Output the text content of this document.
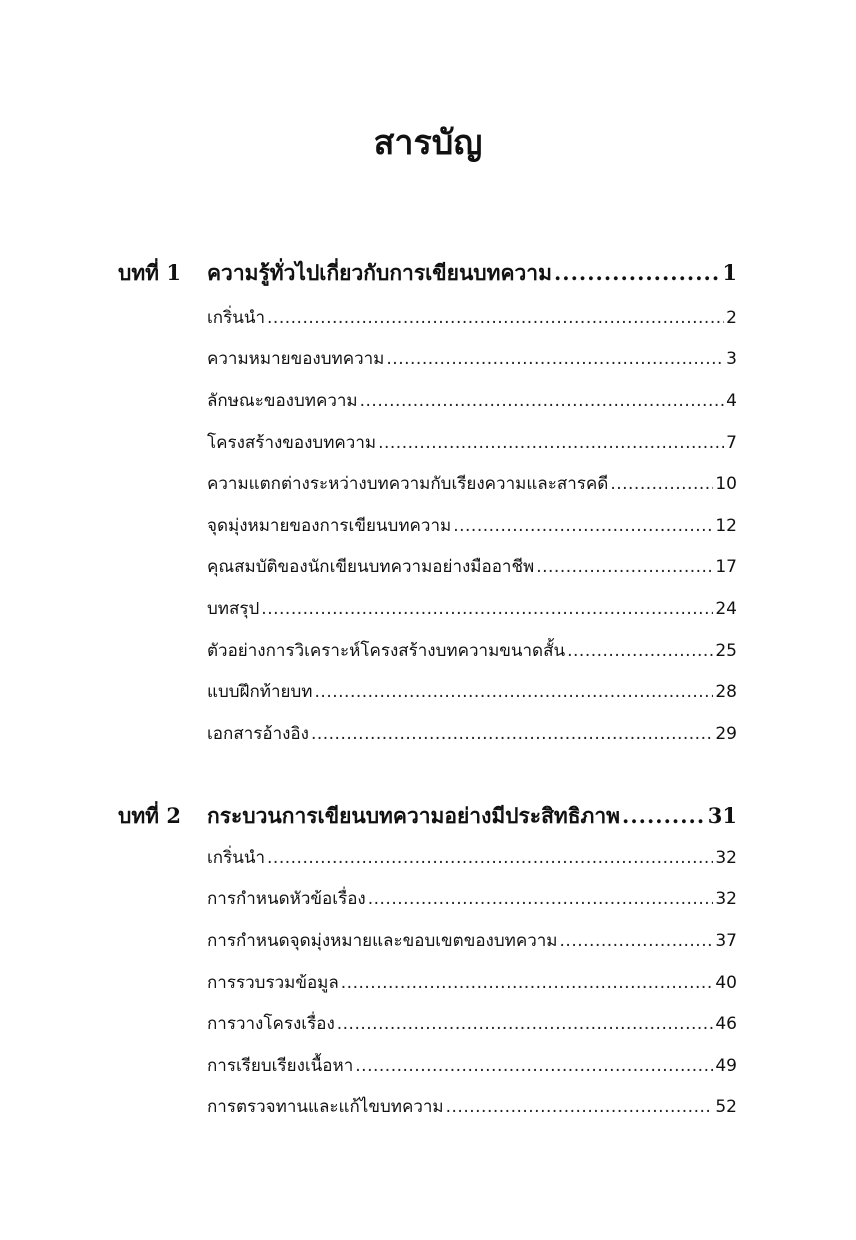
สารบัญ
บทที่ 1 ความรู้ทั่วไปเกี่ยวกับการเขียนบทความ .....	1
เกริ่นนำ .....	2
ความหมายของบทความ .....	3
ลักษณะของบทความ .....	4
โครงสร้างของบทความ .....	7
ความแตกต่างระหว่างบทความกับเรียงความและสารคดี .....	10
จุดมุ่งหมายของการเขียนบทความ .....	12
คุณสมบัติของนักเขียนบทความอย่างมืออาชีพ .....	17
บทสรุป .....	24
ตัวอย่างการวิเคราะห์โครงสร้างบทความขนาดสั้น .....	25
แบบฝึกท้ายบท .....	28
เอกสารอ้างอิง .....	29
บทที่ 2 กระบวนการเขียนบทความอย่างมีประสิทธิภาพ .....	31
เกริ่นนำ .....	32
การกำหนดหัวข้อเรื่อง .....	32
การกำหนดจุดมุ่งหมายและขอบเขตของบทความ .....	37
การรวบรวมข้อมูล .....	40
การวางโครงเรื่อง .....	46
การเรียบเรียงเนื้อหา .....	49
การตรวจทานและแก้ไขบทความ .....	52
